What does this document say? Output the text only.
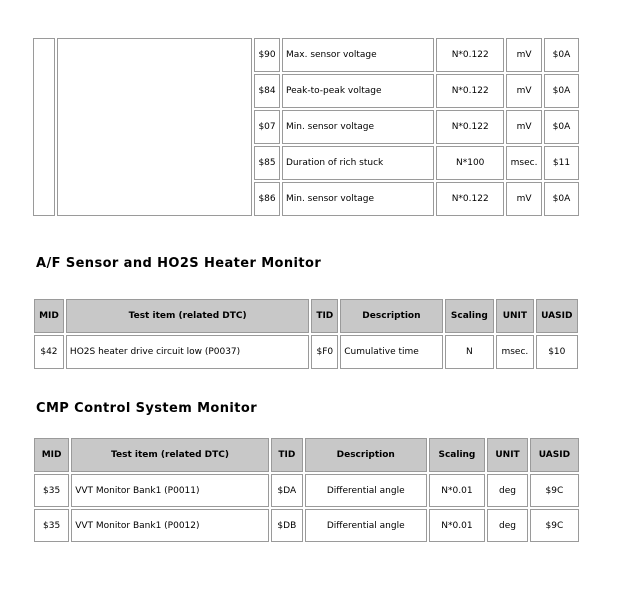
		$90	Max. sensor voltage	N*0.122	mV	$0A
		$84	Peak-to-peak voltage	N*0.122	mV	$0A
		$07	Min. sensor voltage	N*0.122	mV	$0A
		$85	Duration of rich stuck	N*100	msec.	$11
		$86	Min. sensor voltage	N*0.122	mV	$0A
A/F Sensor and HO2S Heater Monitor
MID	Test item (related DTC)	TID	Description	Scaling	UNIT	UASID
$42	HO2S heater drive circuit low (P0037)	$F0	Cumulative time	N	msec.	$10
CMP Control System Monitor
MID	Test item (related DTC)	TID	Description	Scaling	UNIT	UASID
$35	VVT Monitor Bank1 (P0011)	$DA	Differential angle	N*0.01	deg	$9C
$35	VVT Monitor Bank1 (P0012)	$DB	Differential angle	N*0.01	deg	$9C
